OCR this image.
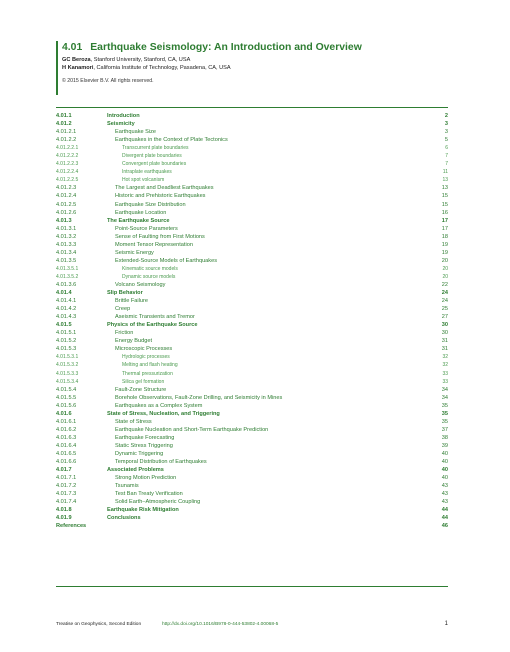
4.01 Earthquake Seismology: An Introduction and Overview
GC Beroza, Stanford University, Stanford, CA, USA
H Kanamori, California Institute of Technology, Pasadena, CA, USA
© 2015 Elsevier B.V. All rights reserved.
4.01.1	Introduction	2
4.01.2	Seismicity	3
4.01.2.1	Earthquake Size	3
4.01.2.2	Earthquakes in the Context of Plate Tectonics	5
4.01.2.2.1	Transcurrent plate boundaries	6
4.01.2.2.2	Divergent plate boundaries	7
4.01.2.2.3	Convergent plate boundaries	7
4.01.2.2.4	Intraplate earthquakes	11
4.01.2.2.5	Hot spot volcanism	13
4.01.2.3	The Largest and Deadliest Earthquakes	13
4.01.2.4	Historic and Prehistoric Earthquakes	15
4.01.2.5	Earthquake Size Distribution	15
4.01.2.6	Earthquake Location	16
4.01.3	The Earthquake Source	17
4.01.3.1	Point-Source Parameters	17
4.01.3.2	Sense of Faulting from First Motions	18
4.01.3.3	Moment Tensor Representation	19
4.01.3.4	Seismic Energy	19
4.01.3.5	Extended-Source Models of Earthquakes	20
4.01.3.5.1	Kinematic source models	20
4.01.3.5.2	Dynamic source models	20
4.01.3.6	Volcano Seismology	22
4.01.4	Slip Behavior	24
4.01.4.1	Brittle Failure	24
4.01.4.2	Creep	25
4.01.4.3	Aseismic Transients and Tremor	27
4.01.5	Physics of the Earthquake Source	30
4.01.5.1	Friction	30
4.01.5.2	Energy Budget	31
4.01.5.3	Microscopic Processes	31
4.01.5.3.1	Hydrologic processes	32
4.01.5.3.2	Melting and flash heating	32
4.01.5.3.3	Thermal pressurization	33
4.01.5.3.4	Silica gel formation	33
4.01.5.4	Fault-Zone Structure	34
4.01.5.5	Borehole Observations, Fault-Zone Drilling, and Seismicity in Mines	34
4.01.5.6	Earthquakes as a Complex System	35
4.01.6	State of Stress, Nucleation, and Triggering	35
4.01.6.1	State of Stress	35
4.01.6.2	Earthquake Nucleation and Short-Term Earthquake Prediction	37
4.01.6.3	Earthquake Forecasting	38
4.01.6.4	Static Stress Triggering	39
4.01.6.5	Dynamic Triggering	40
4.01.6.6	Temporal Distribution of Earthquakes	40
4.01.7	Associated Problems	40
4.01.7.1	Strong Motion Prediction	40
4.01.7.2	Tsunamis	43
4.01.7.3	Test Ban Treaty Verification	43
4.01.7.4	Solid Earth–Atmospheric Coupling	43
4.01.8	Earthquake Risk Mitigation	44
4.01.9	Conclusions	44
References	46
Treatise on Geophysics, Second Edition	http://dx.doi.org/10.1016/B978-0-444-53802-4.00068-5	1
